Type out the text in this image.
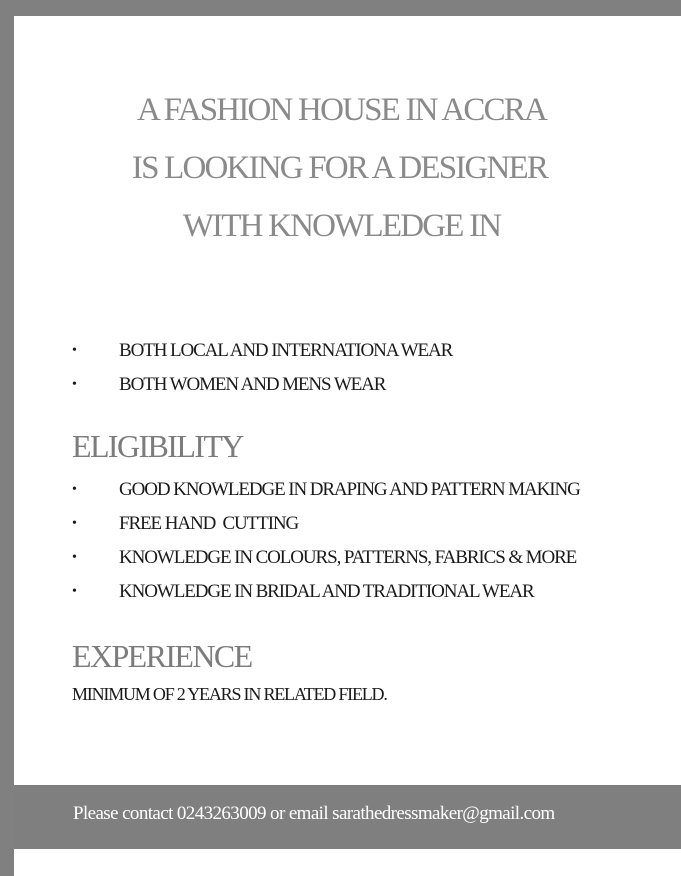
A FASHION HOUSE IN ACCRA
IS LOOKING FOR A DESIGNER
WITH KNOWLEDGE IN
• BOTH LOCAL AND INTERNATIONA WEAR
• BOTH WOMEN AND MENS WEAR
ELIGIBILITY
• GOOD KNOWLEDGE IN DRAPING AND PATTERN MAKING
• FREE HAND  CUTTING
• KNOWLEDGE IN COLOURS, PATTERNS, FABRICS & MORE
• KNOWLEDGE IN BRIDAL AND TRADITIONAL WEAR
EXPERIENCE
MINIMUM OF 2 YEARS IN RELATED FIELD.
Please contact 0243263009 or email sarathedressmaker@gmail.com
